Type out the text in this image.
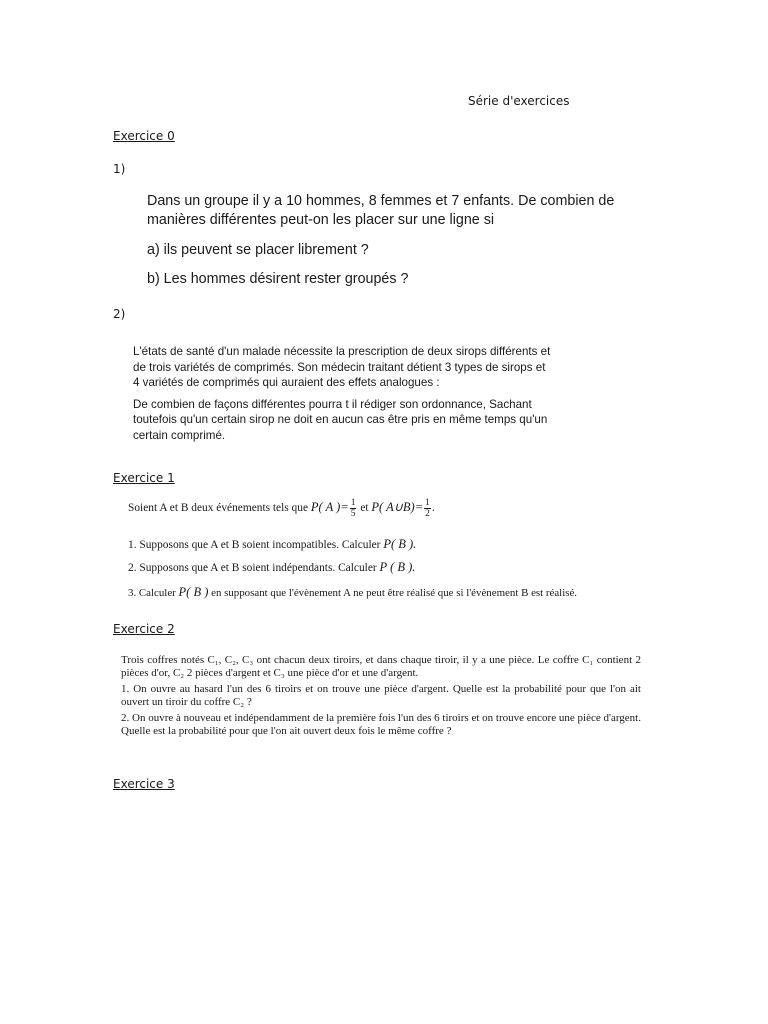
Série d'exercices
Exercice 0
1)

Dans un groupe il y a 10 hommes, 8 femmes et 7 enfants. De combien de
manières différentes peut-on les placer sur une ligne si

a) ils peuvent se placer librement ?

b) Les hommes désirent rester groupés ?

2)

L'états de santé d'un malade nécessite la prescription de deux sirops différents et
de trois variétés de comprimés. Son médecin traitant détient 3 types de sirops et
4 variétés de comprimés qui auraient des effets analogues :

De combien de façons différentes pourra t il rédiger son ordonnance, Sachant
toutefois qu'un certain sirop ne doit en aucun cas être pris en même temps qu'un
certain comprimé.

Exercice 1
Soient A et B deux événements tels que P( A )= $\frac{1}{5}$ et P( A∪B)= $\frac{1}{2}$ .
1. Supposons que A et B soient incompatibles. Calculer P( B ).
2. Supposons que A et B soient indépendants. Calculer P ( B ).
3. Calculer P( B ) en supposant que l'évènement A ne peut être réalisé que si l'évènement B est réalisé.
Exercice 2

Trois coffres notés C₁, C₂, C₃ ont chacun deux tiroirs, et dans chaque tiroir, il y a une pièce. Le coffre C₁ contient 2 pièces d'or, C₂ 2 pièces d'argent et C₃ une pièce d'or et une d'argent.

1. On ouvre au hasard l'un des 6 tiroirs et on trouve une pièce d'argent. Quelle est la probabilité pour que l'on ait ouvert un tiroir du coffre C₂ ?

2. On ouvre à nouveau et indépendamment de la première fois l'un des 6 tiroirs et on trouve encore une pièce d'argent. Quelle est la probabilité pour que l'on ait ouvert deux fois le même coffre ?

Exercice 3
